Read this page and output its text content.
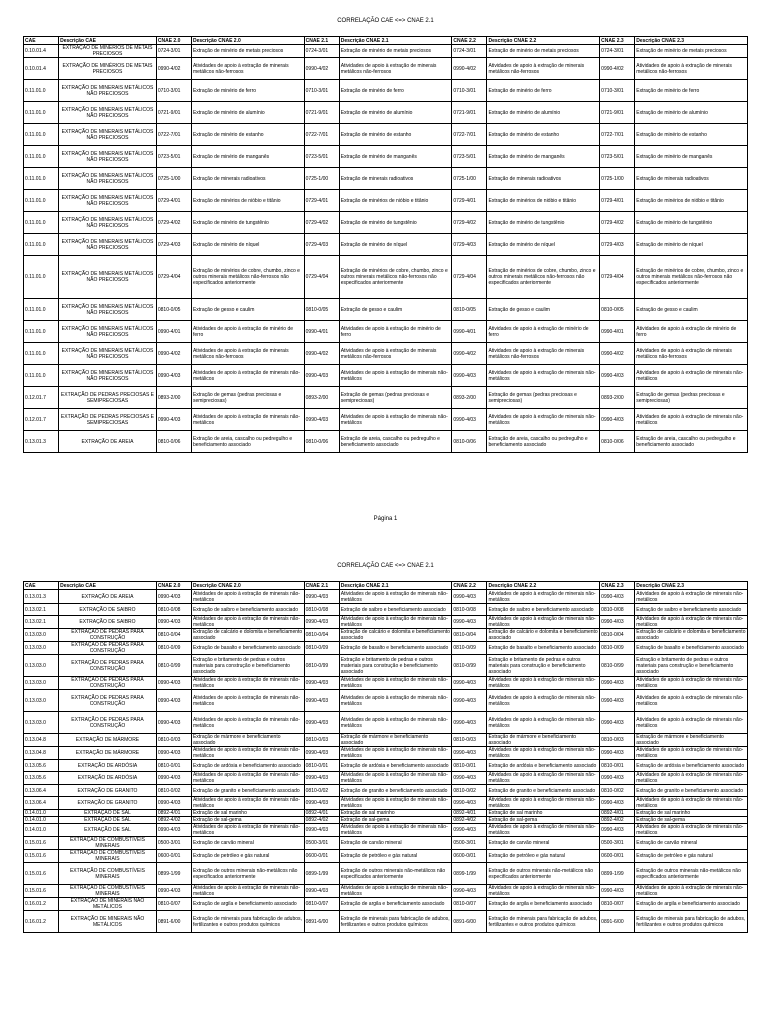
CORRELAÇÃO CAE <=> CNAE 2.1
CAE	Descrição CAE	CNAE 2.0	Descrição CNAE 2.0	CNAE 2.1	Descrição CNAE 2.1	CNAE 2.2	Descrição CNAE 2.2	CNAE 2.3	Descrição CNAE 2.3
0.10.01.4	EXTRAÇÃO DE MINÉRIOS DE METAIS PRECIOSOS	0724-3/01	Extração de minério de metais preciosos	0724-3/01	Extração de minério de metais preciosos	0724-3/01	Extração de minério de metais preciosos	0724-3/01	Extração de minério de metais preciosos
0.10.01.4	EXTRAÇÃO DE MINÉRIOS DE METAIS PRECIOSOS	0990-4/02	Atividades de apoio à extração de minerais metálicos não-ferrosos	0990-4/02	Atividades de apoio à extração de minerais metálicos não-ferrosos	0990-4/02	Atividades de apoio à extração de minerais metálicos não-ferrosos	0990-4/02	Atividades de apoio à extração de minerais metálicos não-ferrosos
0.11.01.0	EXTRAÇÃO DE MINERAIS METÁLICOS NÃO PRECIOSOS	0710-3/01	Extração de minério de ferro	0710-3/01	Extração de minério de ferro	0710-3/01	Extração de minério de ferro	0710-3/01	Extração de minério de ferro
0.11.01.0	EXTRAÇÃO DE MINERAIS METÁLICOS NÃO PRECIOSOS	0721-9/01	Extração de minério de alumínio	0721-9/01	Extração de minério de alumínio	0721-9/01	Extração de minério de alumínio	0721-9/01	Extração de minério de alumínio
0.11.01.0	EXTRAÇÃO DE MINERAIS METÁLICOS NÃO PRECIOSOS	0722-7/01	Extração de minério de estanho	0722-7/01	Extração de minério de estanho	0722-7/01	Extração de minério de estanho	0722-7/01	Extração de minério de estanho
0.11.01.0	EXTRAÇÃO DE MINERAIS METÁLICOS NÃO PRECIOSOS	0723-5/01	Extração de minério de manganês	0723-5/01	Extração de minério de manganês	0723-5/01	Extração de minério de manganês	0723-5/01	Extração de minério de manganês
0.11.01.0	EXTRAÇÃO DE MINERAIS METÁLICOS NÃO PRECIOSOS	0725-1/00	Extração de minerais radioativos	0725-1/00	Extração de minerais radioativos	0725-1/00	Extração de minerais radioativos	0725-1/00	Extração de minerais radioativos
0.11.01.0	EXTRAÇÃO DE MINERAIS METÁLICOS NÃO PRECIOSOS	0729-4/01	Extração de minérios de nióbio e titânio	0729-4/01	Extração de minérios de nióbio e titânio	0729-4/01	Extração de minérios de nióbio e titânio	0729-4/01	Extração de minérios de nióbio e titânio
0.11.01.0	EXTRAÇÃO DE MINERAIS METÁLICOS NÃO PRECIOSOS	0729-4/02	Extração de minério de tungstênio	0729-4/02	Extração de minério de tungstênio	0729-4/02	Extração de minério de tungstênio	0729-4/02	Extração de minério de tungstênio
0.11.01.0	EXTRAÇÃO DE MINERAIS METÁLICOS NÃO PRECIOSOS	0729-4/03	Extração de minério de níquel	0729-4/03	Extração de minério de níquel	0729-4/03	Extração de minério de níquel	0729-4/03	Extração de minério de níquel
0.11.01.0	EXTRAÇÃO DE MINERAIS METÁLICOS NÃO PRECIOSOS	0729-4/04	Extração de minérios de cobre, chumbo, zinco e outros minerais metálicos não-ferrosos não especificados anteriormente	0729-4/04	Extração de minérios de cobre, chumbo, zinco e outros minerais metálicos não-ferrosos não especificados anteriormente	0729-4/04	Extração de minérios de cobre, chumbo, zinco e outros minerais metálicos não-ferrosos não especificados anteriormente	0729-4/04	Extração de minérios de cobre, chumbo, zinco e outros minerais metálicos não-ferrosos não especificados anteriormente
0.11.01.0	EXTRAÇÃO DE MINERAIS METÁLICOS NÃO PRECIOSOS	0810-0/05	Extração de gesso e caulim	0810-0/05	Extração de gesso e caulim	0810-0/05	Extração de gesso e caulim	0810-0/05	Extração de gesso e caulim
0.11.01.0	EXTRAÇÃO DE MINERAIS METÁLICOS NÃO PRECIOSOS	0990-4/01	Atividades de apoio à extração de minério de ferro	0990-4/01	Atividades de apoio à extração de minério de ferro	0990-4/01	Atividades de apoio à extração de minério de ferro	0990-4/01	Atividades de apoio à extração de minério de ferro
0.11.01.0	EXTRAÇÃO DE MINERAIS METÁLICOS NÃO PRECIOSOS	0990-4/02	Atividades de apoio à extração de minerais metálicos não-ferrosos	0990-4/02	Atividades de apoio à extração de minerais metálicos não-ferrosos	0990-4/02	Atividades de apoio à extração de minerais metálicos não-ferrosos	0990-4/02	Atividades de apoio à extração de minerais metálicos não-ferrosos
0.11.01.0	EXTRAÇÃO DE MINERAIS METÁLICOS NÃO PRECIOSOS	0990-4/03	Atividades de apoio à extração de minerais não-metálicos	0990-4/03	Atividades de apoio à extração de minerais não-metálicos	0990-4/03	Atividades de apoio à extração de minerais não-metálicos	0990-4/03	Atividades de apoio à extração de minerais não-metálicos
0.12.01.7	EXTRAÇÃO DE PEDRAS PRECIOSAS E SEMIPRECIOSAS	0893-2/00	Extração de gemas (pedras preciosas e semipreciosas)	0893-2/00	Extração de gemas (pedras preciosas e semipreciosas)	0893-2/00	Extração de gemas (pedras preciosas e semipreciosas)	0893-2/00	Extração de gemas (pedras preciosas e semipreciosas)
0.12.01.7	EXTRAÇÃO DE PEDRAS PRECIOSAS E SEMIPRECIOSAS	0990-4/03	Atividades de apoio à extração de minerais não-metálicos	0990-4/03	Atividades de apoio à extração de minerais não-metálicos	0990-4/03	Atividades de apoio à extração de minerais não-metálicos	0990-4/03	Atividades de apoio à extração de minerais não-metálicos
0.13.01.3	EXTRAÇÃO DE AREIA	0810-0/06	Extração de areia, cascalho ou pedregulho e beneficiamento associado	0810-0/06	Extração de areia, cascalho ou pedregulho e beneficiamento associado	0810-0/06	Extração de areia, cascalho ou pedregulho e beneficiamento associado	0810-0/06	Extração de areia, cascalho ou pedregulho e beneficiamento associado
Página 1
CORRELAÇÃO CAE <=> CNAE 2.1
CAE	Descrição CAE	CNAE 2.0	Descrição CNAE 2.0	CNAE 2.1	Descrição CNAE 2.1	CNAE 2.2	Descrição CNAE 2.2	CNAE 2.3	Descrição CNAE 2.3
0.13.01.3	EXTRAÇÃO DE AREIA	0990-4/03	Atividades de apoio à extração de minerais não-metálicos	0990-4/03	Atividades de apoio à extração de minerais não-metálicos	0990-4/03	Atividades de apoio à extração de minerais não-metálicos	0990-4/03	Atividades de apoio à extração de minerais não-metálicos
0.13.02.1	EXTRAÇÃO DE SAIBRO	0810-0/08	Extração de saibro e beneficiamento associado	0810-0/08	Extração de saibro e beneficiamento associado	0810-0/08	Extração de saibro e beneficiamento associado	0810-0/08	Extração de saibro e beneficiamento associado
0.13.02.1	EXTRAÇÃO DE SAIBRO	0990-4/03	Atividades de apoio à extração de minerais não-metálicos	0990-4/03	Atividades de apoio à extração de minerais não-metálicos	0990-4/03	Atividades de apoio à extração de minerais não-metálicos	0990-4/03	Atividades de apoio à extração de minerais não-metálicos
0.13.03.0	EXTRAÇÃO DE PEDRAS PARA CONSTRUÇÃO	0810-0/04	Extração de calcário e dolomita e beneficiamento associado	0810-0/04	Extração de calcário e dolomita e beneficiamento associado	0810-0/04	Extração de calcário e dolomita e beneficiamento associado	0810-0/04	Extração de calcário e dolomita e beneficiamento associado
0.13.03.0	EXTRAÇÃO DE PEDRAS PARA CONSTRUÇÃO	0810-0/09	Extração de basalto e beneficiamento associado	0810-0/09	Extração de basalto e beneficiamento associado	0810-0/09	Extração de basalto e beneficiamento associado	0810-0/09	Extração de basalto e beneficiamento associado
0.13.03.0	EXTRAÇÃO DE PEDRAS PARA CONSTRUÇÃO	0810-0/99	Extração e britamento de pedras e outros materiais para construção e beneficiamento associado	0810-0/99	Extração e britamento de pedras e outros materiais para construção e beneficiamento associado	0810-0/99	Extração e britamento de pedras e outros materiais para construção e beneficiamento associado	0810-0/99	Extração e britamento de pedras e outros materiais para construção e beneficiamento associado
0.13.03.0	EXTRAÇÃO DE PEDRAS PARA CONSTRUÇÃO	0990-4/03	Atividades de apoio à extração de minerais não-metálicos	0990-4/03	Atividades de apoio à extração de minerais não-metálicos	0990-4/03	Atividades de apoio à extração de minerais não-metálicos	0990-4/03	Atividades de apoio à extração de minerais não-metálicos
0.13.03.0	EXTRAÇÃO DE PEDRAS PARA CONSTRUÇÃO	0990-4/03	Atividades de apoio à extração de minerais não-metálicos	0990-4/03	Atividades de apoio à extração de minerais não-metálicos	0990-4/03	Atividades de apoio à extração de minerais não-metálicos	0990-4/03	Atividades de apoio à extração de minerais não-metálicos
0.13.03.0	EXTRAÇÃO DE PEDRAS PARA CONSTRUÇÃO	0990-4/03	Atividades de apoio à extração de minerais não-metálicos	0990-4/03	Atividades de apoio à extração de minerais não-metálicos	0990-4/03	Atividades de apoio à extração de minerais não-metálicos	0990-4/03	Atividades de apoio à extração de minerais não-metálicos
0.13.04.8	EXTRAÇÃO DE MÁRMORE	0810-0/03	Extração de mármore e beneficiamento associado	0810-0/03	Extração de mármore e beneficiamento associado	0810-0/03	Extração de mármore e beneficiamento associado	0810-0/03	Extração de mármore e beneficiamento associado
0.13.04.8	EXTRAÇÃO DE MÁRMORE	0990-4/03	Atividades de apoio à extração de minerais não-metálicos	0990-4/03	Atividades de apoio à extração de minerais não-metálicos	0990-4/03	Atividades de apoio à extração de minerais não-metálicos	0990-4/03	Atividades de apoio à extração de minerais não-metálicos
0.13.05.6	EXTRAÇÃO DE ARDÓSIA	0810-0/01	Extração de ardósia e beneficiamento associado	0810-0/01	Extração de ardósia e beneficiamento associado	0810-0/01	Extração de ardósia e beneficiamento associado	0810-0/01	Extração de ardósia e beneficiamento associado
0.13.05.6	EXTRAÇÃO DE ARDÓSIA	0990-4/03	Atividades de apoio à extração de minerais não-metálicos	0990-4/03	Atividades de apoio à extração de minerais não-metálicos	0990-4/03	Atividades de apoio à extração de minerais não-metálicos	0990-4/03	Atividades de apoio à extração de minerais não-metálicos
0.13.06.4	EXTRAÇÃO DE GRANITO	0810-0/02	Extração de granito e beneficiamento associado	0810-0/02	Extração de granito e beneficiamento associado	0810-0/02	Extração de granito e beneficiamento associado	0810-0/02	Extração de granito e beneficiamento associado
0.13.06.4	EXTRAÇÃO DE GRANITO	0990-4/03	Atividades de apoio à extração de minerais não-metálicos	0990-4/03	Atividades de apoio à extração de minerais não-metálicos	0990-4/03	Atividades de apoio à extração de minerais não-metálicos	0990-4/03	Atividades de apoio à extração de minerais não-metálicos
0.14.01.0	EXTRAÇÃO DE SAL	0892-4/01	Extração de sal marinho	0892-4/01	Extração de sal marinho	0892-4/01	Extração de sal marinho	0892-4/01	Extração de sal marinho
0.14.01.0	EXTRAÇÃO DE SAL	0892-4/02	Extração de sal-gema	0892-4/02	Extração de sal-gema	0892-4/02	Extração de sal-gema	0892-4/02	Extração de sal-gema
0.14.01.0	EXTRAÇÃO DE SAL	0990-4/03	Atividades de apoio à extração de minerais não-metálicos	0990-4/03	Atividades de apoio à extração de minerais não-metálicos	0990-4/03	Atividades de apoio à extração de minerais não-metálicos	0990-4/03	Atividades de apoio à extração de minerais não-metálicos
0.15.01.6	EXTRAÇÃO DE COMBUSTÍVEIS MINERAIS	0500-3/01	Extração de carvão mineral	0500-3/01	Extração de carvão mineral	0500-3/01	Extração de carvão mineral	0500-3/01	Extração de carvão mineral
0.15.01.6	EXTRAÇÃO DE COMBUSTÍVEIS MINERAIS	0600-0/01	Extração de petróleo e gás natural	0600-0/01	Extração de petróleo e gás natural	0600-0/01	Extração de petróleo e gás natural	0600-0/01	Extração de petróleo e gás natural
0.15.01.6	EXTRAÇÃO DE COMBUSTÍVEIS MINERAIS	0899-1/99	Extração de outros minerais não-metálicos não especificados anteriormente	0899-1/99	Extração de outros minerais não-metálicos não especificados anteriormente	0899-1/99	Extração de outros minerais não-metálicos não especificados anteriormente	0899-1/99	Extração de outros minerais não-metálicos não especificados anteriormente
0.15.01.6	EXTRAÇÃO DE COMBUSTÍVEIS MINERAIS	0990-4/03	Atividades de apoio à extração de minerais não-metálicos	0990-4/03	Atividades de apoio à extração de minerais não-metálicos	0990-4/03	Atividades de apoio à extração de minerais não-metálicos	0990-4/03	Atividades de apoio à extração de minerais não-metálicos
0.16.01.2	EXTRAÇÃO DE MINERAIS NÃO METÁLICOS	0810-0/07	Extração de argila e beneficiamento associado	0810-0/07	Extração de argila e beneficiamento associado	0810-0/07	Extração de argila e beneficiamento associado	0810-0/07	Extração de argila e beneficiamento associado
0.16.01.2	EXTRAÇÃO DE MINERAIS NÃO METÁLICOS	0891-6/00	Extração de minerais para fabricação de adubos, fertilizantes e outros produtos químicos	0891-6/00	Extração de minerais para fabricação de adubos, fertilizantes e outros produtos químicos	0891-6/00	Extração de minerais para fabricação de adubos, fertilizantes e outros produtos químicos	0891-6/00	Extração de minerais para fabricação de adubos, fertilizantes e outros produtos químicos
